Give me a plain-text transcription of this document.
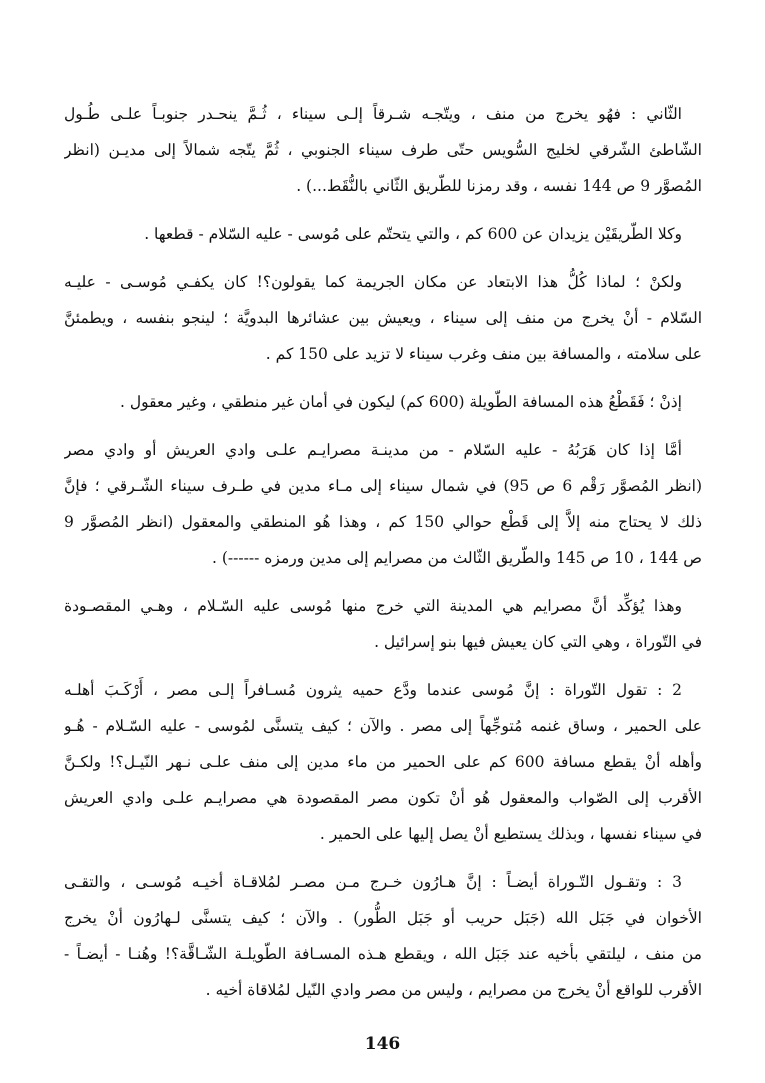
الثّاني : فهُو يخرج من منف ، ويتّجـه شـرقاً إلـى سيناء ، ثُـمَّ ينحـدر جنوبـاً علـى طُـول
الشّاطئ الشّرقي لخليج السُّويس حتّى طرف سيناء الجنوبي ، ثُمَّ يتّجه شمالاً إلى مديـن (انظر
المُصوَّر 9 ص 144 نفسه ، وقد رمزنا للطّريق الثّاني بالنُّقَط...) .
وكلا الطّريقَيْن يزيدان عن 600 كم ، والتي يتحتّم على مُوسى - عليه السّلام - قطعها .
ولكنْ ؛ لماذا كُلُّ هذا الابتعاد عن مكان الجريمة كما يقولون؟! كان يكفـي مُوسـى - عليـه
السّلام - أنْ يخرج من منف إلى سيناء ، ويعيش بين عشائرها البدويَّة ؛ لينجو بنفسه ، ويطمئنَّ
على سلامته ، والمسافة بين منف وغرب سيناء لا تزيد على 150 كم .
إذنْ ؛ فَقَطْعُ هذه المسافة الطّويلة (600 كم) ليكون في أمان غير منطقي ، وغير معقول .
أمَّا إذا كان هَرَبُهُ - عليه السّلام - من مدينـة مصرايـم علـى وادي العريش أو وادي مصر
(انظر المُصوَّر رَقْم 6 ص 95) في شمال سيناء إلى مـاء مدين في طـرف سيناء الشّـرقي ؛ فإنَّ
ذلك لا يحتاج منه إلاَّ إلى قَطْع حوالي 150 كم ، وهذا هُو المنطقي والمعقول (انظر المُصوَّر 9
ص 144 ، 10 ص 145 والطّريق الثّالث من مصرايم إلى مدين ورمزه ------) .
وهذا يُؤكِّد أنَّ مصرايم هي المدينة التي خرج منها مُوسى عليه السّـلام ، وهـي المقصـودة
في التّوراة ، وهي التي كان يعيش فيها بنو إسرائيل .
2 : تقول التّوراة : إنَّ مُوسى عندما ودَّع حميه يثرون مُسـافراً إلـى مصر ، أَرْكَـبَ أهلـه
على الحمير ، وساق غنمه مُتوجِّهاً إلى مصر . والآن ؛ كيف يتسنَّى لمُوسى - عليه السّـلام - هُـو
وأهله أنْ يقطع مسافة 600 كم على الحمير من ماء مدين إلى منف علـى نـهر النّيـل؟! ولكـنَّ
الأقرب إلى الصّواب والمعقول هُو أنْ تكون مصر المقصودة هي مصرايـم علـى وادي العريش
في سيناء نفسها ، وبذلك يستطيع أنْ يصل إليها على الحمير .
3 : وتقـول التّـوراة أيضـاً : إنَّ هـارُون خـرج مـن مصـر لمُلاقـاة أخيـه مُوسـى ، والتقـى
الأخوان في جَبَل الله (جَبَل حريب أو جَبَل الطُّور) . والآن ؛ كيف يتسنَّى لـهارُون أنْ يخرج
من منف ، ليلتقي بأخيه عند جَبَل الله ، ويقطع هـذه المسـافة الطّويلـة الشّـاقَّة؟! وهُنـا - أيضـاً -
الأقرب للواقع أنْ يخرج من مصرايم ، وليس من مصر وادي النّيل لمُلاقاة أخيه .
146
